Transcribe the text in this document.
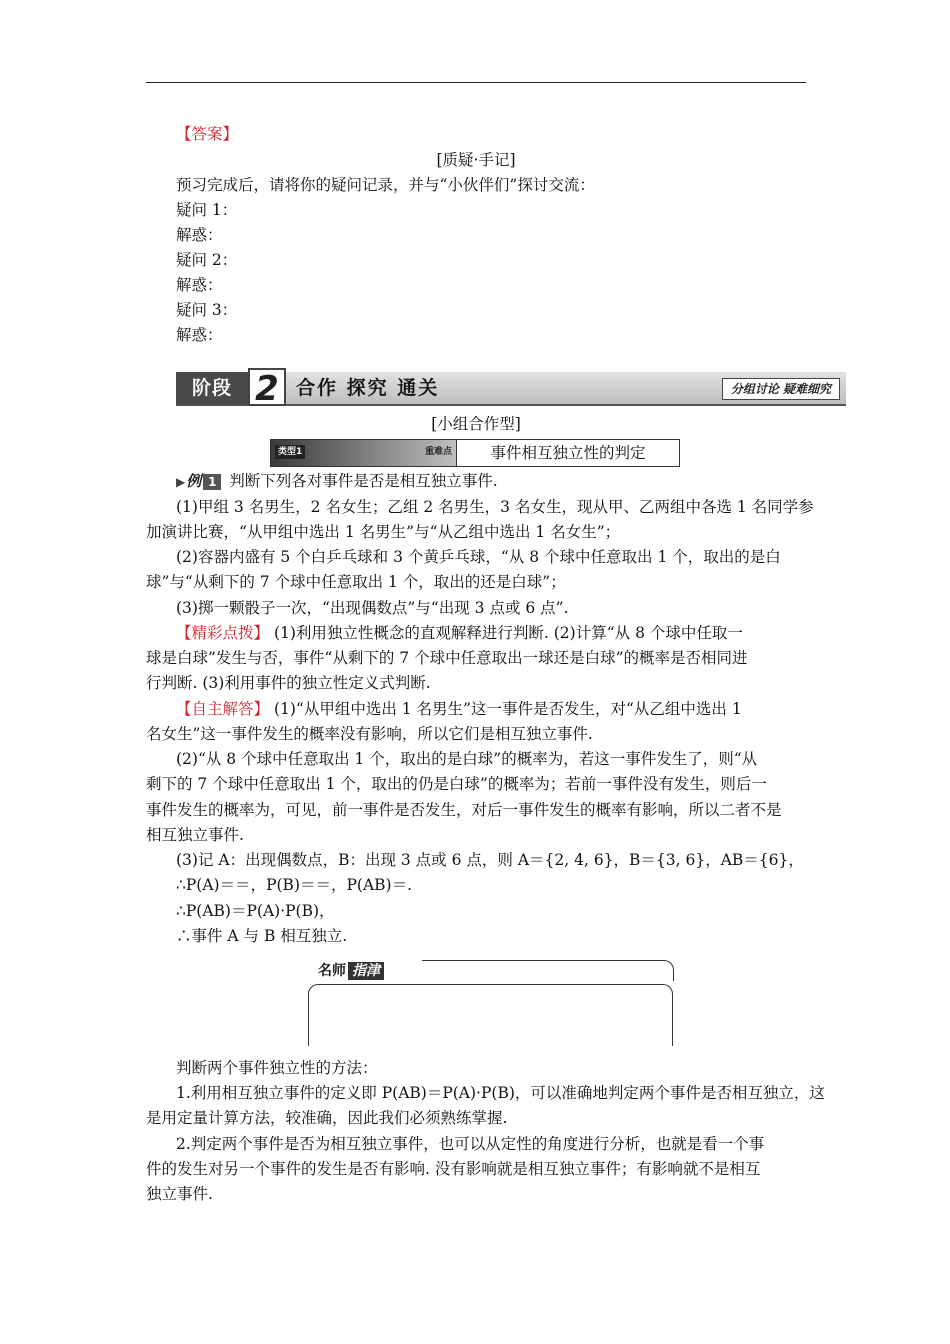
【答案】
[质疑·手记]
预习完成后，请将你的疑问记录，并与“小伙伴们”探讨交流：
疑问 1：
解惑：
疑问 2：
解惑：
疑问 3：
解惑：
阶段 2 合作 探究 通关	分组讨论 疑难细究
[小组合作型]
类型1	重难点	事件相互独立性的判定
▶例 1 判断下列各对事件是否是相互独立事件.
(1)甲组 3 名男生，2 名女生；乙组 2 名男生，3 名女生，现从甲、乙两组中各选 1 名同学参
加演讲比赛，“从甲组中选出 1 名男生”与“从乙组中选出 1 名女生”；
(2)容器内盛有 5 个白乒乓球和 3 个黄乒乓球，“从 8 个球中任意取出 1 个，取出的是白
球”与“从剩下的 7 个球中任意取出 1 个，取出的还是白球”；
(3)掷一颗骰子一次，“出现偶数点”与“出现 3 点或 6 点”.
【精彩点拨】 (1)利用独立性概念的直观解释进行判断. (2)计算“从 8 个球中任取一
球是白球”发生与否，事件“从剩下的 7 个球中任意取出一球还是白球”的概率是否相同进
行判断. (3)利用事件的独立性定义式判断.
【自主解答】 (1)“从甲组中选出 1 名男生”这一事件是否发生，对“从乙组中选出 1
名女生”这一事件发生的概率没有影响，所以它们是相互独立事件.
(2)“从 8 个球中任意取出 1 个，取出的是白球”的概率为，若这一事件发生了，则“从
剩下的 7 个球中任意取出 1 个，取出的仍是白球”的概率为；若前一事件没有发生，则后一
事件发生的概率为，可见，前一事件是否发生，对后一事件发生的概率有影响，所以二者不是
相互独立事件.
(3)记 A：出现偶数点，B：出现 3 点或 6 点，则 A＝{2, 4, 6}，B＝{3, 6}，AB＝{6}，
∴P(A)＝＝，P(B)＝＝，P(AB)＝.
∴P(AB)＝P(A)·P(B)，
∴事件 A 与 B 相互独立.
名师 指津
判断两个事件独立性的方法：
1.利用相互独立事件的定义即 P(AB)＝P(A)·P(B)，可以准确地判定两个事件是否相互独立，这
是用定量计算方法，较准确，因此我们必须熟练掌握.
2.判定两个事件是否为相互独立事件，也可以从定性的角度进行分析，也就是看一个事
件的发生对另一个事件的发生是否有影响. 没有影响就是相互独立事件；有影响就不是相互
独立事件.
